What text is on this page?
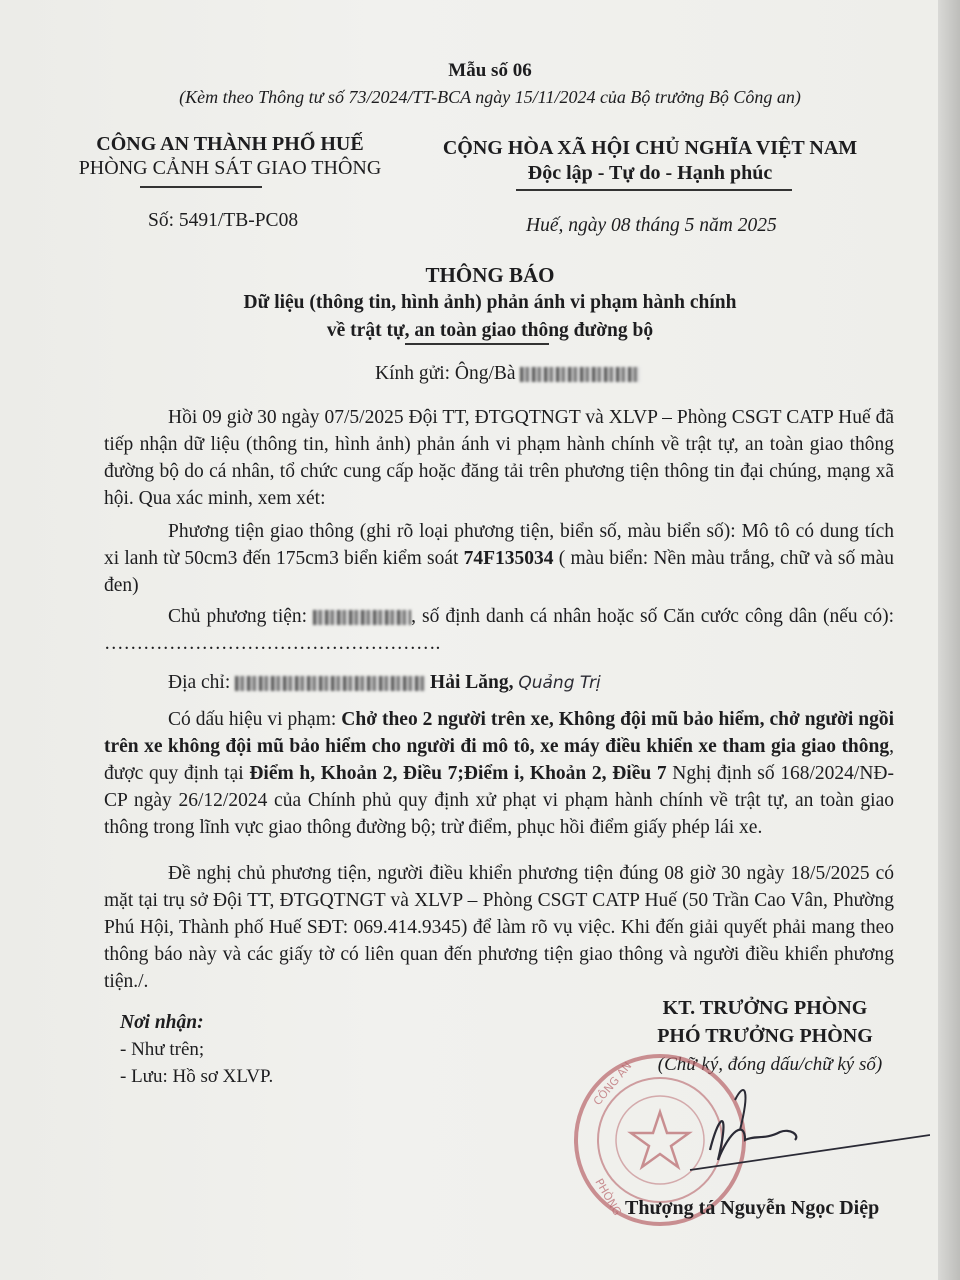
Mẫu số 06
(Kèm theo Thông tư số 73/2024/TT-BCA ngày 15/11/2024 của Bộ trưởng Bộ Công an)
CÔNG AN THÀNH PHỐ HUẾ
PHÒNG CẢNH SÁT GIAO THÔNG
Số: 5491/TB-PC08
CỘNG HÒA XÃ HỘI CHỦ NGHĨA VIỆT NAM
Độc lập - Tự do - Hạnh phúc
Huế, ngày 08 tháng 5 năm 2025
THÔNG BÁO
Dữ liệu (thông tin, hình ảnh) phản ánh vi phạm hành chính
về trật tự, an toàn giao thông đường bộ
Kính gửi: Ông/Bà
Hồi 09 giờ 30 ngày 07/5/2025 Đội TT, ĐTGQTNGT và XLVP – Phòng CSGT CATP Huế đã tiếp nhận dữ liệu (thông tin, hình ảnh) phản ánh vi phạm hành chính về trật tự, an toàn giao thông đường bộ do cá nhân, tổ chức cung cấp hoặc đăng tải trên phương tiện thông tin đại chúng, mạng xã hội. Qua xác minh, xem xét:
Phương tiện giao thông (ghi rõ loại phương tiện, biển số, màu biển số): Mô tô có dung tích xi lanh từ 50cm3 đến 175cm3 biển kiểm soát 74F135034 ( màu biển: Nền màu trắng, chữ và số màu đen)
Chủ phương tiện:	, số định danh cá nhân hoặc số Căn cước công dân (nếu có): …………………………………………….
Địa chỉ:	Hải Lăng, Quảng Trị
Có dấu hiệu vi phạm: Chở theo 2 người trên xe, Không đội mũ bảo hiểm, chở người ngồi trên xe không đội mũ bảo hiểm cho người đi mô tô, xe máy điều khiển xe tham gia giao thông, được quy định tại Điểm h, Khoản 2, Điều 7;Điểm i, Khoản 2, Điều 7 Nghị định số 168/2024/NĐ-CP ngày 26/12/2024 của Chính phủ quy định xử phạt vi phạm hành chính về trật tự, an toàn giao thông trong lĩnh vực giao thông đường bộ; trừ điểm, phục hồi điểm giấy phép lái xe.
Đề nghị chủ phương tiện, người điều khiển phương tiện đúng 08 giờ 30 ngày 18/5/2025 có mặt tại trụ sở Đội TT, ĐTGQTNGT và XLVP – Phòng CSGT CATP Huế (50 Trần Cao Vân, Phường Phú Hội, Thành phố Huế SĐT: 069.414.9345) để làm rõ vụ việc. Khi đến giải quyết phải mang theo thông báo này và các giấy tờ có liên quan đến phương tiện giao thông và người điều khiển phương tiện./.
KT. TRƯỞNG PHÒNG
PHÓ TRƯỞNG PHÒNG
(Chữ ký, đóng dấu/chữ ký số)
Nơi nhận:
- Như trên;
- Lưu: Hồ sơ XLVP.	CÔNG AN
PHÒNG Thượng tá Nguyễn Ngọc Diệp
